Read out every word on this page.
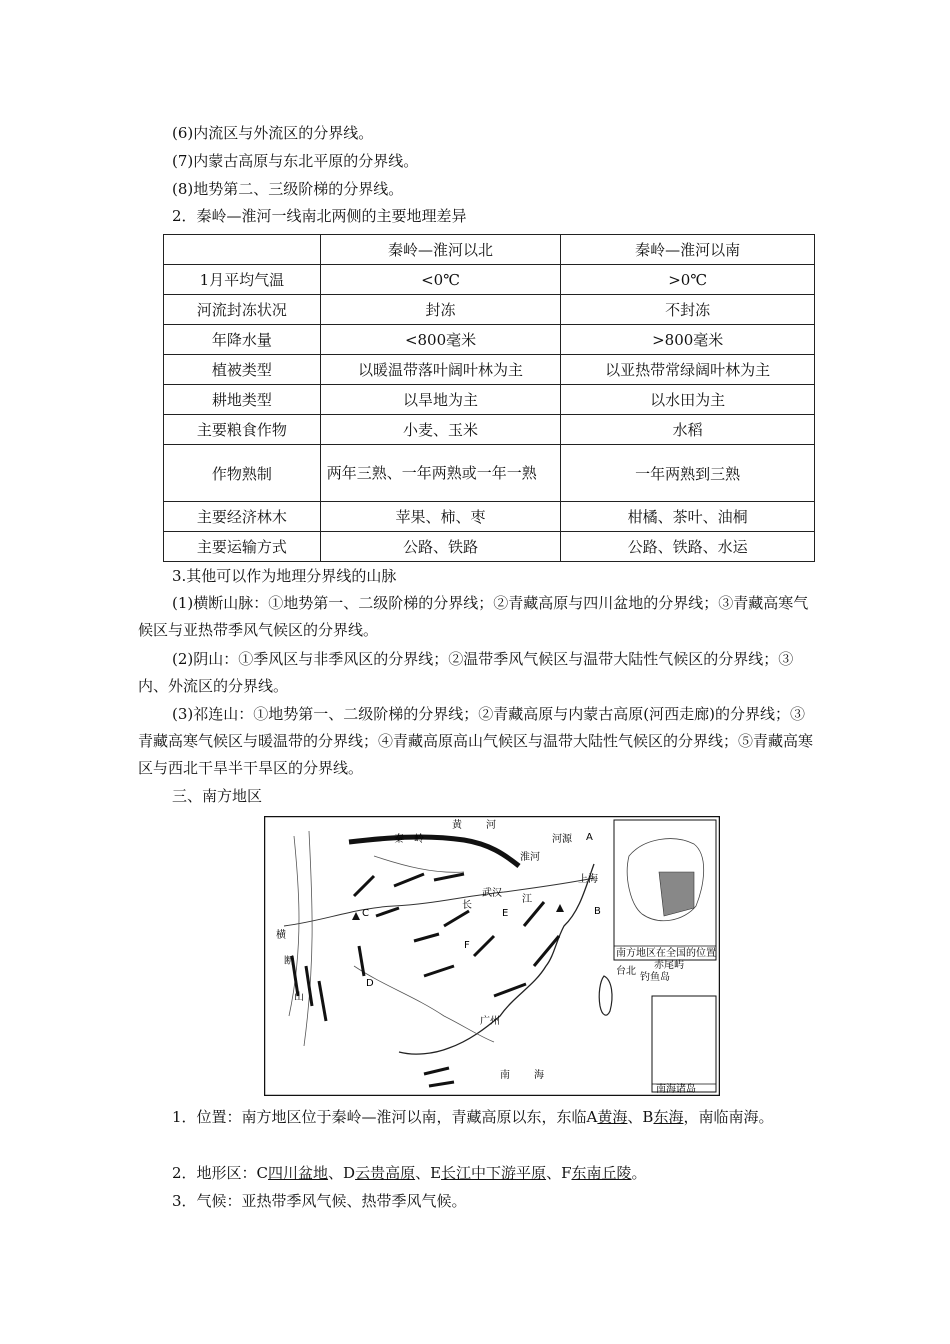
(6)内流区与外流区的分界线。
(7)内蒙古高原与东北平原的分界线。
(8)地势第二、三级阶梯的分界线。
2．秦岭—淮河一线南北两侧的主要地理差异
	秦岭—淮河以北	秦岭—淮河以南
1月平均气温	<0℃	>0℃
河流封冻状况	封冻	不封冻
年降水量	<800毫米	>800毫米
植被类型	以暖温带落叶阔叶林为主	以亚热带常绿阔叶林为主
耕地类型	以旱地为主	以水田为主
主要粮食作物	小麦、玉米	水稻
作物熟制	两年三熟、一年两熟或一年一熟	一年两熟到三熟
主要经济林木	苹果、柿、枣	柑橘、茶叶、油桐
主要运输方式	公路、铁路	公路、铁路、水运
3.其他可以作为地理分界线的山脉
(1)横断山脉：①地势第一、二级阶梯的分界线；②青藏高原与四川盆地的分界线；③青藏高寒气候区与亚热带季风气候区的分界线。
(2)阴山：①季风区与非季风区的分界线；②温带季风气候区与温带大陆性气候区的分界线；③内、外流区的分界线。
(3)祁连山：①地势第一、二级阶梯的分界线；②青藏高原与内蒙古高原(河西走廊)的分界线；③青藏高寒气候区与暖温带的分界线；④青藏高原高山气候区与温带大陆性气候区的分界线；⑤青藏高寒区与西北干旱半干旱区的分界线。
三、南方地区
秦　岭
黄 河
淮河
河源 A
B
C
D
E
F
武汉
长
江
上海
横
断
山
广州
台北
赤尾屿
钓鱼岛
南 海
南方地区在全国的位置
南海诸岛
1．位置：南方地区位于秦岭—淮河以南，青藏高原以东，东临A黄海、B东海，南临南海。
2．地形区：C四川盆地、D云贵高原、E长江中下游平原、F东南丘陵。
3．气候：亚热带季风气候、热带季风气候。
